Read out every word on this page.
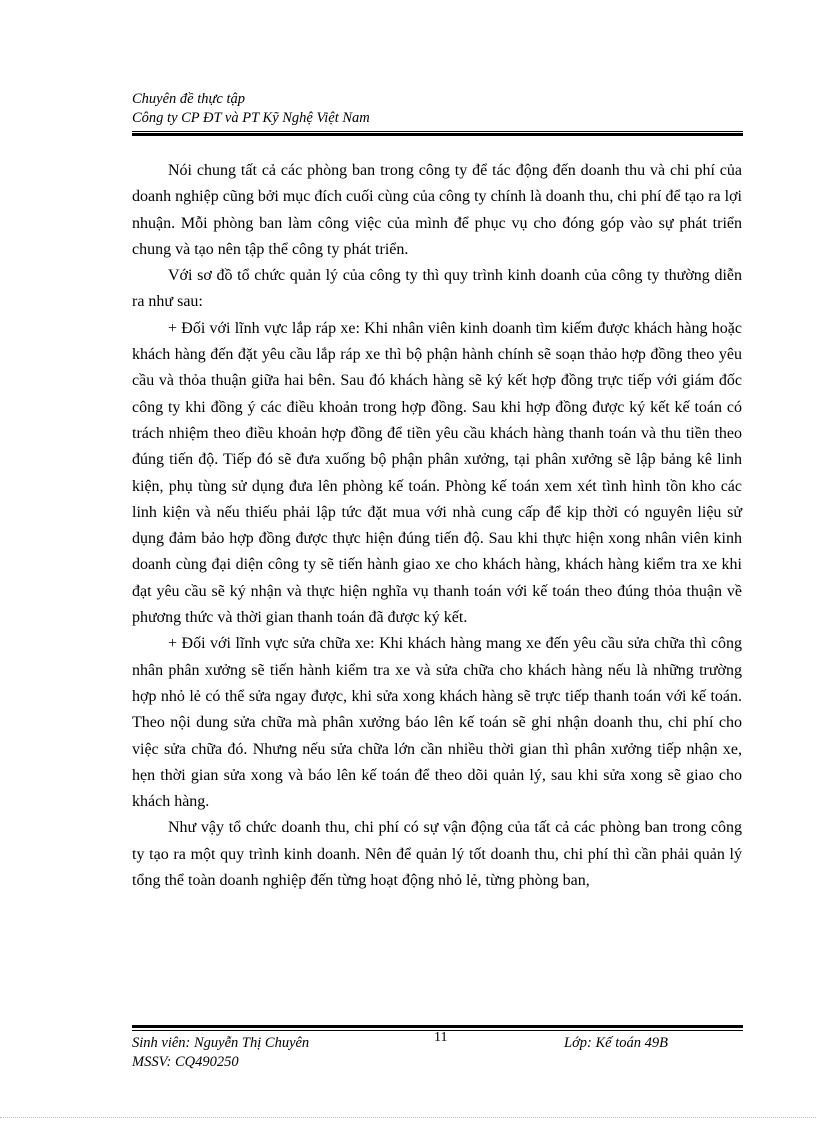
Chuyên đề thực tập
Công ty CP ĐT và PT Kỹ Nghệ Việt Nam

Nói chung tất cả các phòng ban trong công ty để tác động đến doanh thu và chi phí của doanh nghiệp cũng bởi mục đích cuối cùng của công ty chính là doanh thu, chi phí để tạo ra lợi nhuận. Mỗi phòng ban làm công việc của mình để phục vụ cho đóng góp vào sự phát triển chung và tạo nên tập thể công ty phát triển.

Với sơ đồ tổ chức quản lý của công ty thì quy trình kinh doanh của công ty thường diễn ra như sau:

+ Đối với lĩnh vực lắp ráp xe: Khi nhân viên kinh doanh tìm kiếm được khách hàng hoặc khách hàng đến đặt yêu cầu lắp ráp xe thì bộ phận hành chính sẽ soạn thảo hợp đồng theo yêu cầu và thỏa thuận giữa hai bên. Sau đó khách hàng sẽ ký kết hợp đồng trực tiếp với giám đốc công ty khi đồng ý các điều khoản trong hợp đồng. Sau khi hợp đồng được ký kết kế toán có trách nhiệm theo điều khoản hợp đồng để tiền yêu cầu khách hàng thanh toán và thu tiền theo đúng tiến độ. Tiếp đó sẽ đưa xuống bộ phận phân xưởng, tại phân xưởng sẽ lập bảng kê linh kiện, phụ tùng sử dụng đưa lên phòng kế toán. Phòng kế toán xem xét tình hình tồn kho các linh kiện và nếu thiếu phải lập tức đặt mua với nhà cung cấp để kịp thời có nguyên liệu sử dụng đảm bảo hợp đồng được thực hiện đúng tiến độ. Sau khi thực hiện xong nhân viên kinh doanh cùng đại diện công ty sẽ tiến hành giao xe cho khách hàng, khách hàng kiểm tra xe khi đạt yêu cầu sẽ ký nhận và thực hiện nghĩa vụ thanh toán với kế toán theo đúng thỏa thuận về phương thức và thời gian thanh toán đã được ký kết.

+ Đối với lĩnh vực sửa chữa xe: Khi khách hàng mang xe đến yêu cầu sửa chữa thì công nhân phân xưởng sẽ tiến hành kiểm tra xe và sửa chữa cho khách hàng nếu là những trường hợp nhỏ lẻ có thể sửa ngay được, khi sửa xong khách hàng sẽ trực tiếp thanh toán với kế toán. Theo nội dung sửa chữa mà phân xưởng báo lên kế toán sẽ ghi nhận doanh thu, chi phí cho việc sửa chữa đó. Nhưng nếu sửa chữa lớn cần nhiều thời gian thì phân xưởng tiếp nhận xe, hẹn thời gian sửa xong và báo lên kế toán để theo dõi quản lý, sau khi sửa xong sẽ giao cho khách hàng.

Như vậy tổ chức doanh thu, chi phí có sự vận động của tất cả các phòng ban trong công ty tạo ra một quy trình kinh doanh. Nên để quản lý tốt doanh thu, chi phí thì cần phải quản lý tổng thể toàn doanh nghiệp đến từng hoạt động nhỏ lẻ, từng phòng ban,

Sinh viên: Nguyễn Thị Chuyên
MSSV: CQ490250
11	Lớp: Kế toán 49B
